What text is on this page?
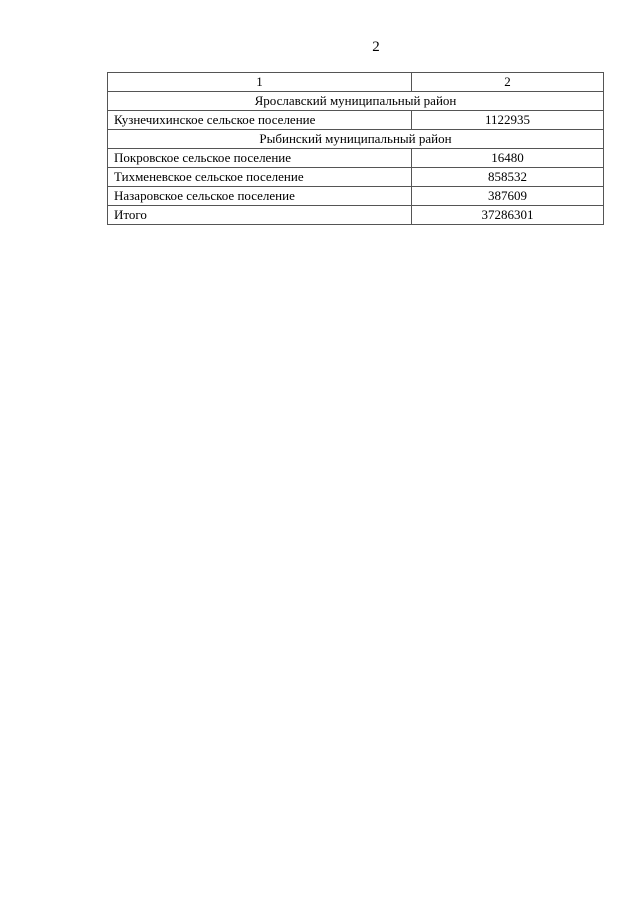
2
1	2
Ярославский муниципальный район	
Кузнечихинское сельское поселение	1122935
Рыбинский муниципальный район	
Покровское сельское поселение	16480
Тихменевское сельское поселение	858532
Назаровское сельское поселение	387609
Итого	37286301
